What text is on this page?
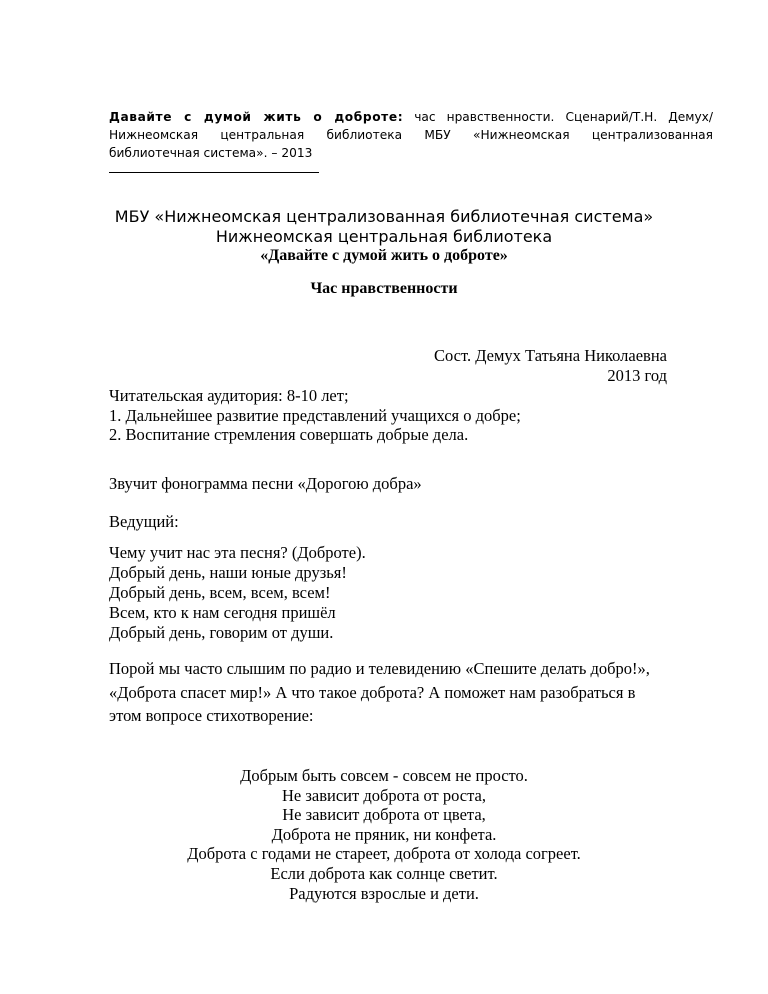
Давайте с думой жить о доброте: час нравственности. Сценарий/Т.Н. Демух/ Нижнеомская центральная библиотека МБУ «Нижнеомская централизованная библиотечная система». – 2013
МБУ «Нижнеомская централизованная библиотечная система»
Нижнеомская центральная библиотека
«Давайте с думой жить о доброте»
Час нравственности
Сост. Демух Татьяна Николаевна
2013 год
Читательская аудитория: 8-10 лет;
1. Дальнейшее развитие представлений учащихся о добре;
2. Воспитание стремления совершать добрые дела.
Звучит фонограмма песни «Дорогою добра»
Ведущий:
Чему учит нас эта песня? (Доброте).
Добрый день, наши юные друзья!
Добрый день, всем, всем, всем!
Всем, кто к нам сегодня пришёл
Добрый день, говорим от души.
Порой мы часто слышим по радио и телевидению «Спешите делать добро!»,
«Доброта спасет мир!» А что такое доброта? А поможет нам разобраться в
этом вопросе стихотворение:
Добрым быть совсем - совсем не просто.
Не зависит доброта от роста,
Не зависит доброта от цвета,
Доброта не пряник, ни конфета.
Доброта с годами не стареет, доброта от холода согреет.
Если доброта как солнце светит.
Радуются взрослые и дети.
